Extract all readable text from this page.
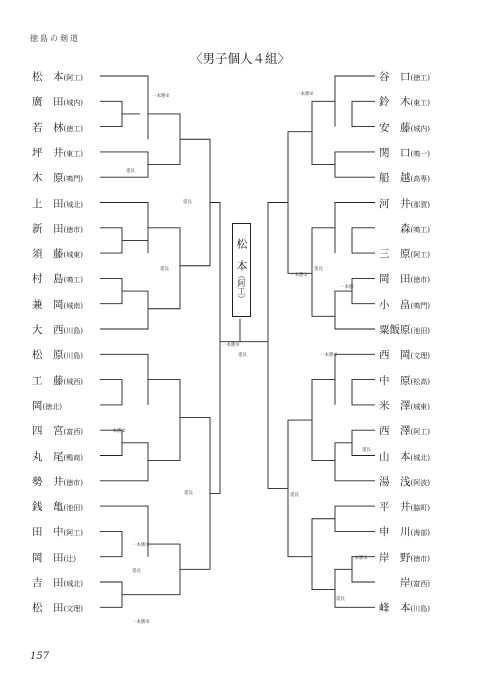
徳島の剣道
〈男子個人４組〉
松　本(阿工)
廣　田(城内)
若　林(徳工)
坪　井(東工)
木　原(鳴門)
上　田(城北)
新　田(徳市)
須　藤(城東)
村　島(鳴工)
兼　岡(城南)
大　西(川島)
松　原(川島)
工　藤(城西)
岡(徳北)
四　宮(富西)
丸　尾(鴨商)
勢　井(徳市)
銭　亀(池田)
田　中(阿工)
岡　田(辻)
吉　田(城北)
松　田(文理)
谷　口(徳工)
鈴　木(東工)
安　藤(城内)
関　口(鳴一)
船　越(高専)
河　井(那賀)
森(鳴工)
三　原(阿工)
岡　田(徳市)
小　畠(鳴門)
粟飯原(池田)
西　岡(文理)
中　原(松高)
米　澤(城東)
西　澤(阿工)
山　本(城北)
湯　浅(阿波)
平　井(脇町)
申　川(海部)
岸　野(徳市)
岸(富西)
峰　本(川島)
一本勝②
延長
延長
延長
一本勝②
延長
一本勝②
延長
一本勝②
一本勝③
延長
一本勝②
延長
一本勝②
一本勝
一本勝②
延長
延長
一本勝②
延長
松　本（阿工）
157
